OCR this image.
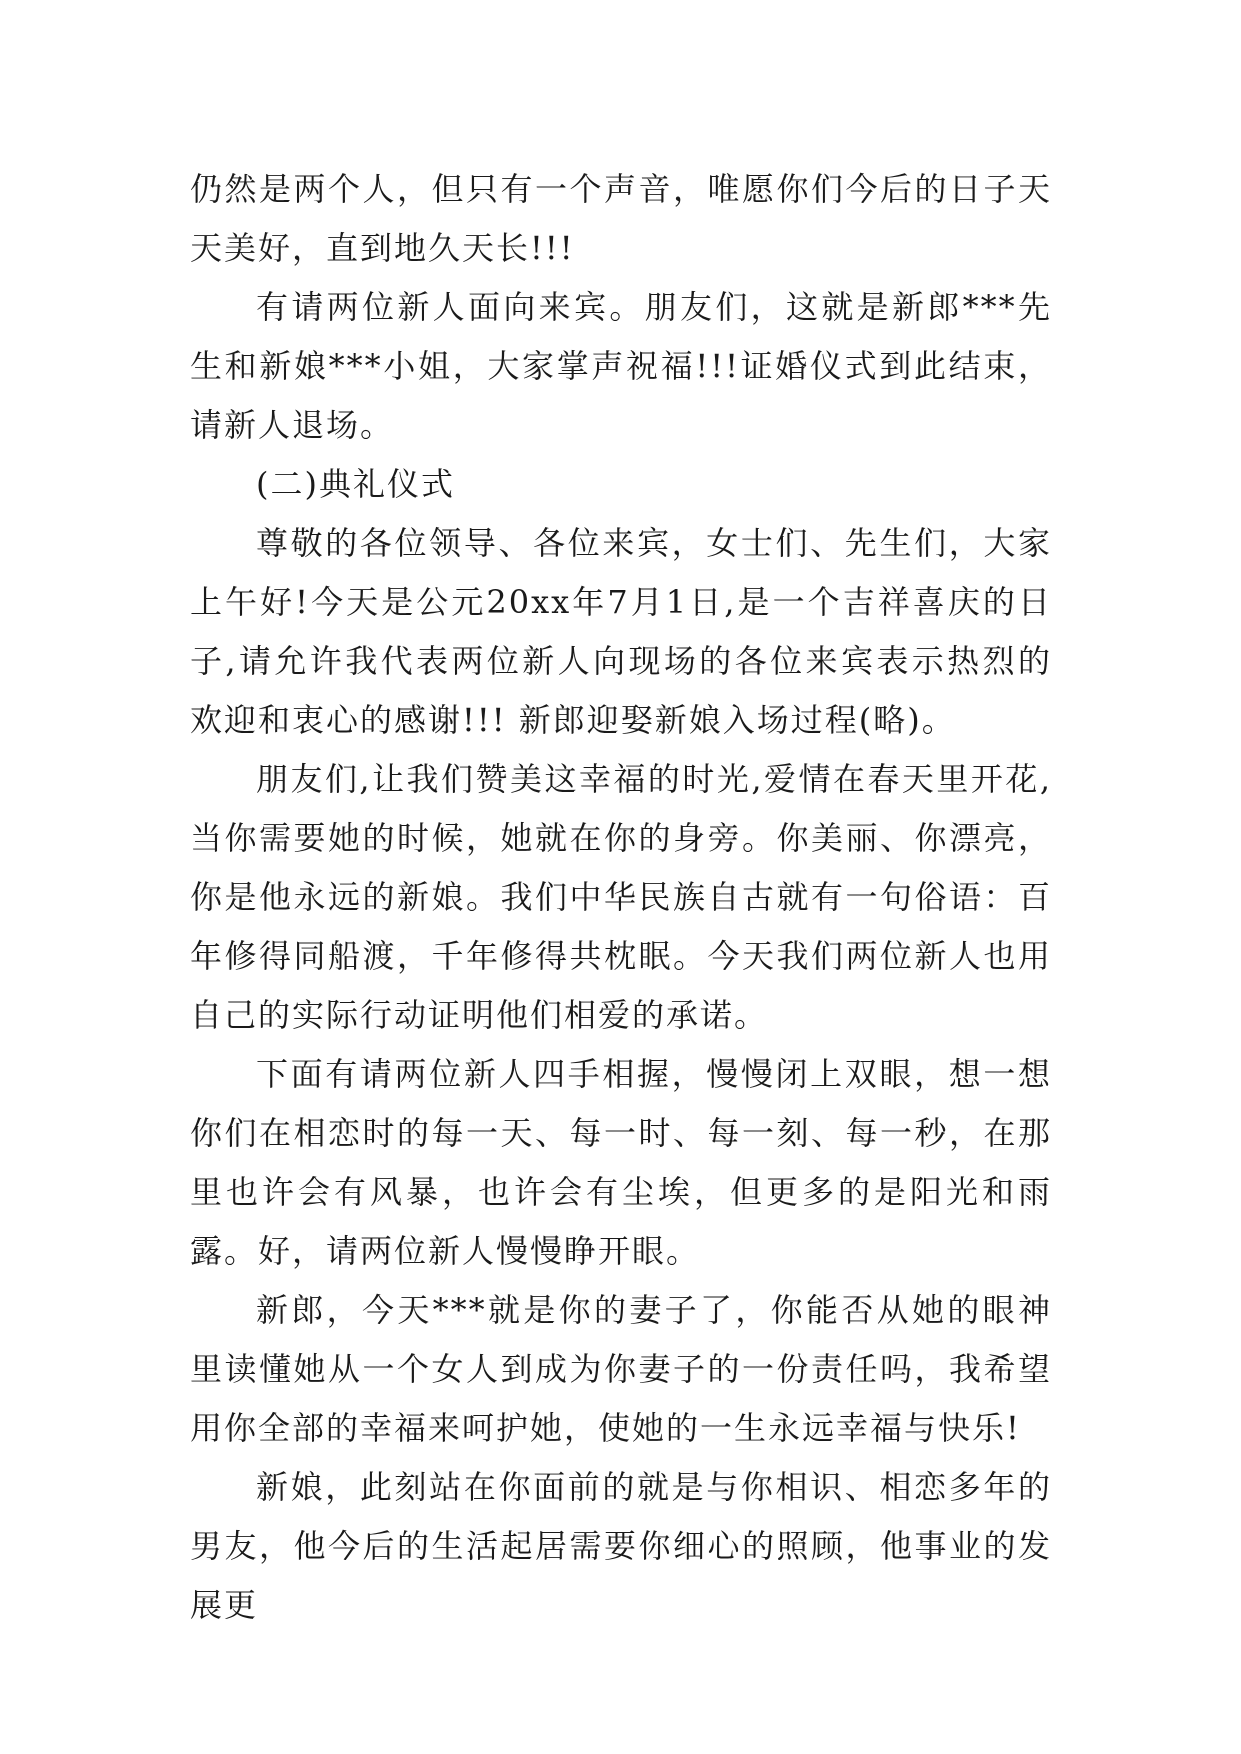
仍然是两个人，但只有一个声音，唯愿你们今后的日子天天美好，直到地久天长!!!

有请两位新人面向来宾。朋友们，这就是新郎***先生和新娘***小姐，大家掌声祝福!!!证婚仪式到此结束，请新人退场。

(二)典礼仪式

尊敬的各位领导、各位来宾，女士们、先生们，大家上午好!今天是公元20xx年7月1日,是一个吉祥喜庆的日子,请允许我代表两位新人向现场的各位来宾表示热烈的欢迎和衷心的感谢!!! 新郎迎娶新娘入场过程(略)。

朋友们,让我们赞美这幸福的时光,爱情在春天里开花,当你需要她的时候，她就在你的身旁。你美丽、你漂亮，你是他永远的新娘。我们中华民族自古就有一句俗语：百年修得同船渡，千年修得共枕眠。今天我们两位新人也用自己的实际行动证明他们相爱的承诺。

下面有请两位新人四手相握，慢慢闭上双眼，想一想你们在相恋时的每一天、每一时、每一刻、每一秒，在那里也许会有风暴，也许会有尘埃，但更多的是阳光和雨露。好，请两位新人慢慢睁开眼。

新郎，今天***就是你的妻子了，你能否从她的眼神里读懂她从一个女人到成为你妻子的一份责任吗，我希望用你全部的幸福来呵护她，使她的一生永远幸福与快乐!

新娘，此刻站在你面前的就是与你相识、相恋多年的男友，他今后的生活起居需要你细心的照顾，他事业的发展更
